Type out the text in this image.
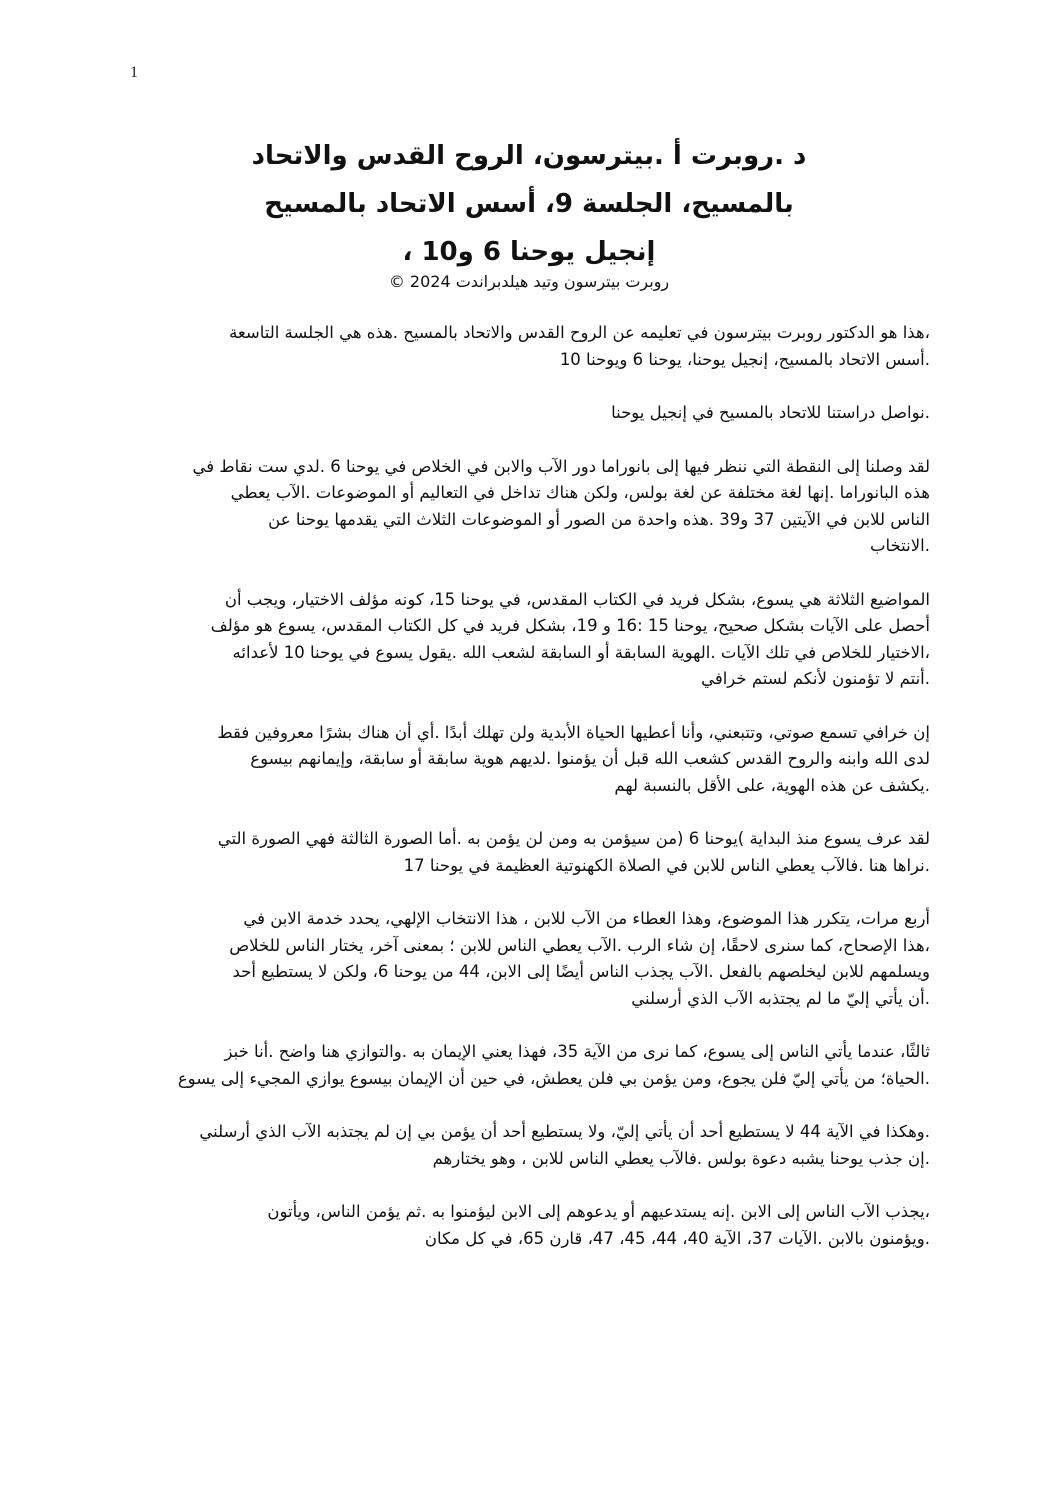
1
د .روبرت أ .بيترسون، الروح القدس والاتحاد
بالمسيح، الجلسة 9، أسس الاتحاد بالمسيح
إنجيل يوحنا 6 و10 ،
روبرت بيترسون وتيد هيلدبراندت 2024 ©
،هذا هو الدكتور روبرت بيترسون في تعليمه عن الروح القدس والاتحاد بالمسيح .هذه هي الجلسة التاسعة
.أسس الاتحاد بالمسيح، إنجيل يوحنا، يوحنا 6 ويوحنا 10
.نواصل دراستنا للاتحاد بالمسيح في إنجيل يوحنا
لقد وصلنا إلى النقطة التي ننظر فيها إلى بانوراما دور الآب والابن في الخلاص في يوحنا 6 .لدي ست نقاط في
هذه البانوراما .إنها لغة مختلفة عن لغة بولس، ولكن هناك تداخل في التعاليم أو الموضوعات .الآب يعطي
الناس للابن في الآيتين 37 و39 .هذه واحدة من الصور أو الموضوعات الثلاث التي يقدمها يوحنا عن
.الانتخاب
المواضيع الثلاثة هي يسوع، بشكل فريد في الكتاب المقدس، في يوحنا 15، كونه مؤلف الاختيار، ويجب أن
أحصل على الآيات بشكل صحيح، يوحنا 15 :16 و 19، بشكل فريد في كل الكتاب المقدس، يسوع هو مؤلف
،الاختيار للخلاص في تلك الآيات .الهوية السابقة أو السابقة لشعب الله .يقول يسوع في يوحنا 10 لأعدائه
.أنتم لا تؤمنون لأنكم لستم خرافي
إن خرافي تسمع صوتي، وتتبعني، وأنا أعطيها الحياة الأبدية ولن تهلك أبدًا .أي أن هناك بشرًا معروفين فقط
لدى الله وابنه والروح القدس كشعب الله قبل أن يؤمنوا .لديهم هوية سابقة أو سابقة، وإيمانهم بيسوع
.يكشف عن هذه الهوية، على الأقل بالنسبة لهم
لقد عرف يسوع منذ البداية )يوحنا 6 (من سيؤمن به ومن لن يؤمن به .أما الصورة الثالثة فهي الصورة التي
.نراها هنا .فالآب يعطي الناس للابن في الصلاة الكهنوتية العظيمة في يوحنا 17
أربع مرات، يتكرر هذا الموضوع، وهذا العطاء من الآب للابن ، هذا الانتخاب الإلهي، يحدد خدمة الابن في
،هذا الإصحاح، كما سنرى لاحقًا، إن شاء الرب .الآب يعطي الناس للابن ؛ بمعنى آخر، يختار الناس للخلاص
ويسلمهم للابن ليخلصهم بالفعل .الآب يجذب الناس أيضًا إلى الابن، 44 من يوحنا 6، ولكن لا يستطيع أحد
.أن يأتي إليّ ما لم يجتذبه الآب الذي أرسلني
ثالثًا، عندما يأتي الناس إلى يسوع، كما نرى من الآية 35، فهذا يعني الإيمان به .والتوازي هنا واضح .أنا خبز
.الحياة؛ من يأتي إليّ فلن يجوع، ومن يؤمن بي فلن يعطش، في حين أن الإيمان بيسوع يوازي المجيء إلى يسوع
.وهكذا في الآية 44 لا يستطيع أحد أن يأتي إليّ، ولا يستطيع أحد أن يؤمن بي إن لم يجتذبه الآب الذي أرسلني
.إن جذب يوحنا يشبه دعوة بولس .فالآب يعطي الناس للابن ، وهو يختارهم
،يجذب الآب الناس إلى الابن .إنه يستدعيهم أو يدعوهم إلى الابن ليؤمنوا به .ثم يؤمن الناس، ويأتون
.ويؤمنون بالابن .الآيات 37، الآية 40، 44، 45، 47، قارن 65، في كل مكان
